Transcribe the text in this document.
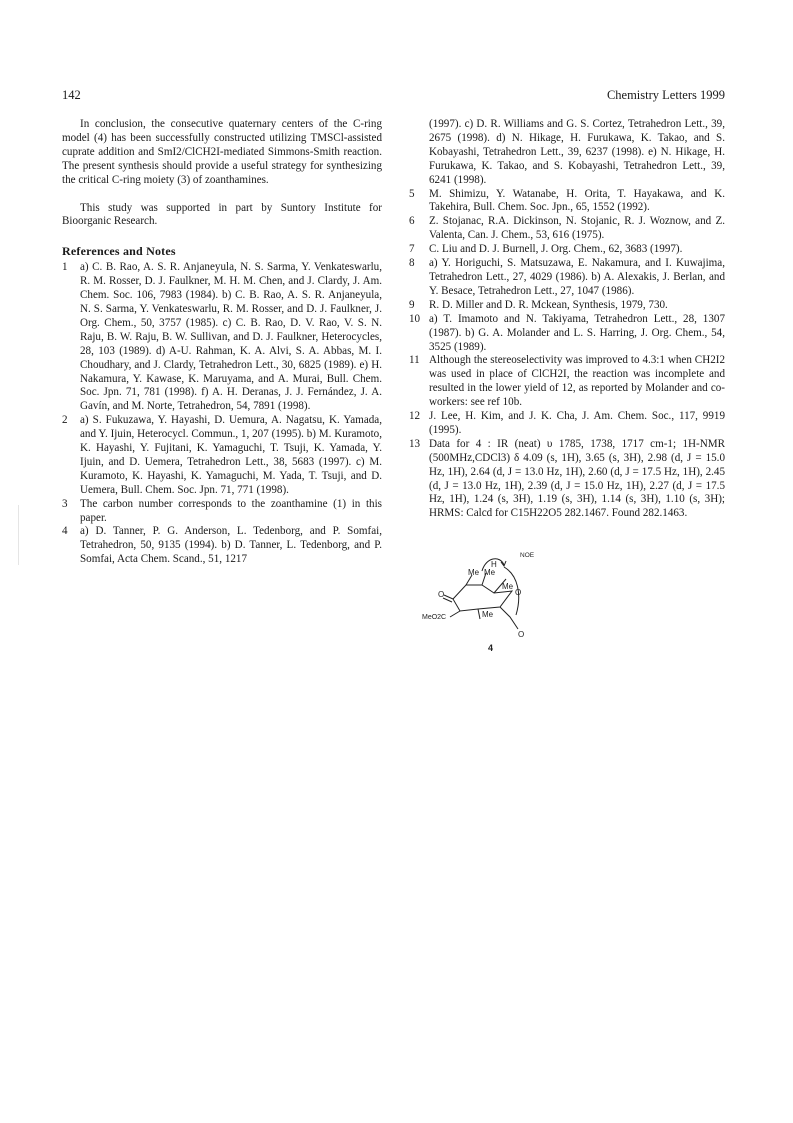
142	Chemistry Letters 1999

In conclusion, the consecutive quaternary centers of the C-ring model (4) has been successfully constructed utilizing TMSCl-assisted cuprate addition and SmI2/ClCH2I-mediated Simmons-Smith reaction. The present synthesis should provide a useful strategy for synthesizing the critical C-ring moiety (3) of zoanthamines.

This study was supported in part by Suntory Institute for Bioorganic Research.

References and Notes
1	a) C. B. Rao, A. S. R. Anjaneyula, N. S. Sarma, Y. Venkateswarlu, R. M. Rosser, D. J. Faulkner, M. H. M. Chen, and J. Clardy, J. Am. Chem. Soc. 106, 7983 (1984). b) C. B. Rao, A. S. R. Anjaneyula, N. S. Sarma, Y. Venkateswarlu, R. M. Rosser, and D. J. Faulkner, J. Org. Chem., 50, 3757 (1985). c) C. B. Rao, D. V. Rao, V. S. N. Raju, B. W. Raju, B. W. Sullivan, and D. J. Faulkner, Heterocycles, 28, 103 (1989). d) A-U. Rahman, K. A. Alvi, S. A. Abbas, M. I. Choudhary, and J. Clardy, Tetrahedron Lett., 30, 6825 (1989). e) H. Nakamura, Y. Kawase, K. Maruyama, and A. Murai, Bull. Chem. Soc. Jpn. 71, 781 (1998). f) A. H. Deranas, J. J. Fernández, J. A. Gavín, and M. Norte, Tetrahedron, 54, 7891 (1998).
2	a) S. Fukuzawa, Y. Hayashi, D. Uemura, A. Nagatsu, K. Yamada, and Y. Ijuin, Heterocycl. Commun., 1, 207 (1995). b) M. Kuramoto, K. Hayashi, Y. Fujitani, K. Yamaguchi, T. Tsuji, K. Yamada, Y. Ijuin, and D. Uemera, Tetrahedron Lett., 38, 5683 (1997). c) M. Kuramoto, K. Hayashi, K. Yamaguchi, M. Yada, T. Tsuji, and D. Uemera, Bull. Chem. Soc. Jpn. 71, 771 (1998).
3	The carbon number corresponds to the zoanthamine (1) in this paper.
4	a) D. Tanner, P. G. Anderson, L. Tedenborg, and P. Somfai, Tetrahedron, 50, 9135 (1994). b) D. Tanner, L. Tedenborg, and P. Somfai, Acta Chem. Scand., 51, 1217

(1997). c) D. R. Williams and G. S. Cortez, Tetrahedron Lett., 39, 2675 (1998). d) N. Hikage, H. Furukawa, K. Takao, and S. Kobayashi, Tetrahedron Lett., 39, 6237 (1998). e) N. Hikage, H. Furukawa, K. Takao, and S. Kobayashi, Tetrahedron Lett., 39, 6241 (1998).

5	M. Shimizu, Y. Watanabe, H. Orita, T. Hayakawa, and K. Takehira, Bull. Chem. Soc. Jpn., 65, 1552 (1992).
6	Z. Stojanac, R.A. Dickinson, N. Stojanic, R. J. Woznow, and Z. Valenta, Can. J. Chem., 53, 616 (1975).
7	C. Liu and D. J. Burnell, J. Org. Chem., 62, 3683 (1997).
8	a) Y. Horiguchi, S. Matsuzawa, E. Nakamura, and I. Kuwajima, Tetrahedron Lett., 27, 4029 (1986). b) A. Alexakis, J. Berlan, and Y. Besace, Tetrahedron Lett., 27, 1047 (1986).
9	R. D. Miller and D. R. Mckean, Synthesis, 1979, 730.
10 a) T. Imamoto and N. Takiyama, Tetrahedron Lett., 28, 1307 (1987). b) G. A. Molander and L. S. Harring, J. Org. Chem., 54, 3525 (1989).
11 Although the stereoselectivity was improved to 4.3:1 when CH2I2 was used in place of ClCH2I, the reaction was incomplete and resulted in the lower yield of 12, as reported by Molander and co-workers: see ref 10b.
12 J. Lee, H. Kim, and J. K. Cha, J. Am. Chem. Soc., 117, 9919 (1995).
13 Data for 4 : IR (neat) υ 1785, 1738, 1717 cm-1; 1H-NMR (500MHz,CDCl3) δ 4.09 (s, 1H), 3.65 (s, 3H), 2.98 (d, J = 15.0 Hz, 1H), 2.64 (d, J = 13.0 Hz, 1H), 2.60 (d, J = 17.5 Hz, 1H), 2.45 (d, J = 13.0 Hz, 1H), 2.39 (d, J = 15.0 Hz, 1H), 2.27 (d, J = 17.5 Hz, 1H), 1.24 (s, 3H), 1.19 (s, 3H), 1.14 (s, 3H), 1.10 (s, 3H); HRMS: Calcd for C15H22O5 282.1467. Found 282.1463.
NOE
H
Me Me
Me
Me
O	O
O
MeO2C
4
